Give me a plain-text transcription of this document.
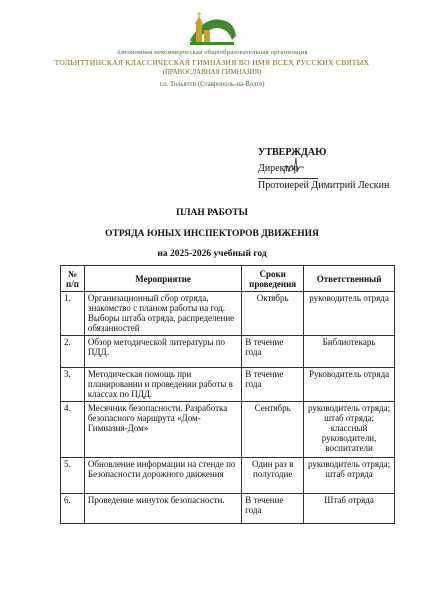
Автономная некоммерческая общеобразовательная организация
ТОЛЬЯТТИНСКАЯ КЛАССИЧЕСКАЯ ГИМНАЗИЯ ВО ИМЯ ВСЕХ РУССКИХ СВЯТЫХ
(ПРАВОСЛАВНАЯ ГИМНАЗИЯ)
г.о. Тольятти (Ставрополь-на-Волге)
УТВЕРЖДАЮ
Директор
Протоиерей Димитрий Лескин
ПЛАН РАБОТЫ
ОТРЯДА ЮНЫХ ИНСПЕКТОРОВ ДВИЖЕНИЯ
на 2025-2026 учебный год
№ п/п	Мероприятие	Сроки проведения	Ответственный
1.	Организационный сбор отряда, знакомство с планом работы на год. Выборы штаба отряда, распределение обязанностей	Октябрь	руководитель отряда
2.	Обзор методической литературы по ПДД.	В течение года	Библиотекарь
3.	Методическая помощь при планировании и проведении работы в классах по ПДД.	В течение года	Руководитель отряда
4.	Месячник безопасности. Разработка безопасного маршрута «Дом-Гимназия-Дом»	Сентябрь	руководитель отряда; штаб отряда; классный руководители, воспитатели
5.	Обновление информации на стенде по Безопасности дорожного движения	Один раз в полугодие	руководитель отряда; штаб отряда
6.	Проведение минуток безопасности.	В течение года	Штаб отряда
